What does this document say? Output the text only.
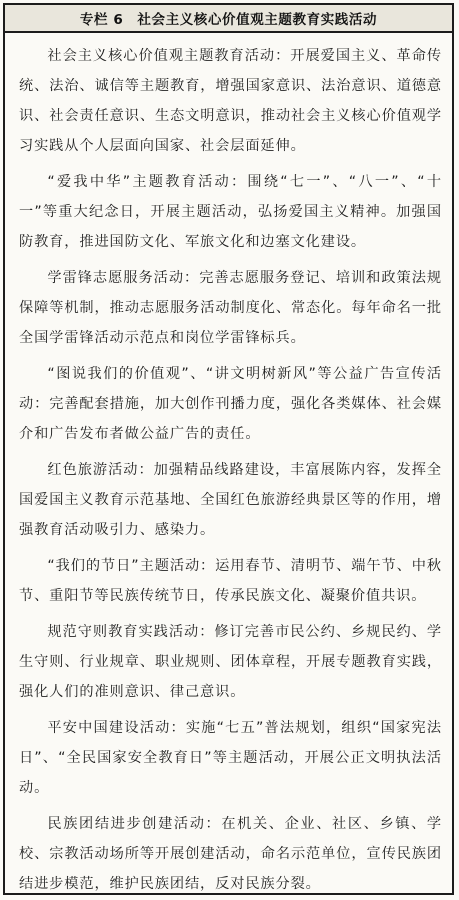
专栏 6 社会主义核心价值观主题教育实践活动

社会主义核心价值观主题教育活动：开展爱国主义、革命传统、法治、诚信等主题教育，增强国家意识、法治意识、道德意识、社会责任意识、生态文明意识，推动社会主义核心价值观学习实践从个人层面向国家、社会层面延伸。

“爱我中华”主题教育活动：围绕“七一”、“八一”、“十一”等重大纪念日，开展主题活动，弘扬爱国主义精神。加强国防教育，推进国防文化、军旅文化和边塞文化建设。

学雷锋志愿服务活动：完善志愿服务登记、培训和政策法规保障等机制，推动志愿服务活动制度化、常态化。每年命名一批全国学雷锋活动示范点和岗位学雷锋标兵。

“图说我们的价值观”、“讲文明树新风”等公益广告宣传活动：完善配套措施，加大创作刊播力度，强化各类媒体、社会媒介和广告发布者做公益广告的责任。

红色旅游活动：加强精品线路建设，丰富展陈内容，发挥全国爱国主义教育示范基地、全国红色旅游经典景区等的作用，增强教育活动吸引力、感染力。

“我们的节日”主题活动：运用春节、清明节、端午节、中秋节、重阳节等民族传统节日，传承民族文化、凝聚价值共识。

规范守则教育实践活动：修订完善市民公约、乡规民约、学生守则、行业规章、职业规则、团体章程，开展专题教育实践，强化人们的准则意识、律己意识。

平安中国建设活动：实施“七五”普法规划，组织“国家宪法日”、“全民国家安全教育日”等主题活动，开展公正文明执法活动。

民族团结进步创建活动：在机关、企业、社区、乡镇、学校、宗教活动场所等开展创建活动，命名示范单位，宣传民族团结进步模范，维护民族团结，反对民族分裂。
